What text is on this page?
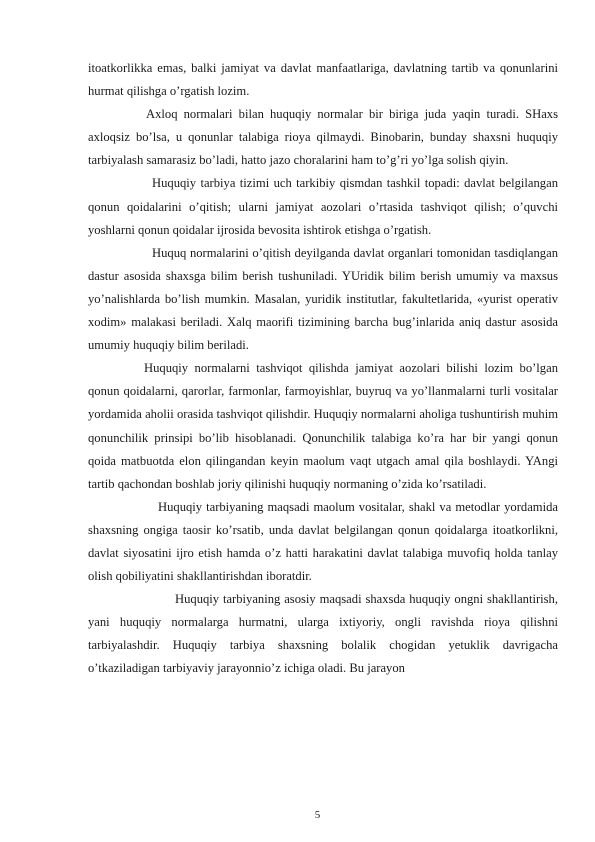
itoatkorlikka emas, balki jamiyat va davlat manfaatlariga, davlatning tartib va qonunlarini hurmat qilishga o’rgatish lozim.

Axloq normalari bilan huquqiy normalar bir biriga juda yaqin turadi. SHaxs axloqsiz bo’lsa, u qonunlar talabiga rioya qilmaydi. Binobarin, bunday shaxsni huquqiy tarbiyalash samarasiz bo’ladi, hatto jazo choralarini ham to’g’ri yo’lga solish qiyin.

Huquqiy tarbiya tizimi uch tarkibiy qismdan tashkil topadi: davlat belgilangan qonun qoidalarini o’qitish; ularni jamiyat aozolari o’rtasida tashviqot qilish; o’quvchi yoshlarni qonun qoidalar ijrosida bevosita ishtirok etishga o’rgatish.

Huquq normalarini o’qitish deyilganda davlat organlari tomonidan tasdiqlangan dastur asosida shaxsga bilim berish tushuniladi. YUridik bilim berish umumiy va maxsus yo’nalishlarda bo’lish mumkin. Masalan, yuridik institutlar, fakultetlarida, «yurist operativ xodim» malakasi beriladi. Xalq maorifi tizimining barcha bug’inlarida aniq dastur asosida umumiy huquqiy bilim beriladi.

Huquqiy normalarni tashviqot qilishda jamiyat aozolari bilishi lozim bo’lgan qonun qoidalarni, qarorlar, farmonlar, farmoyishlar, buyruq va yo’llanmalarni turli vositalar yordamida aholii orasida tashviqot qilishdir. Huquqiy normalarni aholiga tushuntirish muhim qonunchilik prinsipi bo’lib hisoblanadi. Qonunchilik talabiga ko’ra har bir yangi qonun qoida matbuotda elon qilingandan keyin maolum vaqt utgach amal qila boshlaydi. YAngi tartib qachondan boshlab joriy qilinishi huquqiy normaning o’zida ko’rsatiladi.

Huquqiy tarbiyaning maqsadi maolum vositalar, shakl va metodlar yordamida shaxsning ongiga taosir ko’rsatib, unda davlat belgilangan qonun qoidalarga itoatkorlikni, davlat siyosatini ijro etish hamda o’z hatti harakatini davlat talabiga muvofiq holda tanlay olish qobiliyatini shakllantirishdan iboratdir.

Huquqiy tarbiyaning asosiy maqsadi shaxsda huquqiy ongni shakllantirish, yani huquqiy normalarga hurmatni, ularga ixtiyoriy, ongli ravishda rioya qilishni tarbiyalashdir. Huquqiy tarbiya shaxsning bolalik chogidan yetuklik davrigacha o’tkaziladigan tarbiyaviy jarayonnio’z ichiga oladi. Bu jarayon

5
